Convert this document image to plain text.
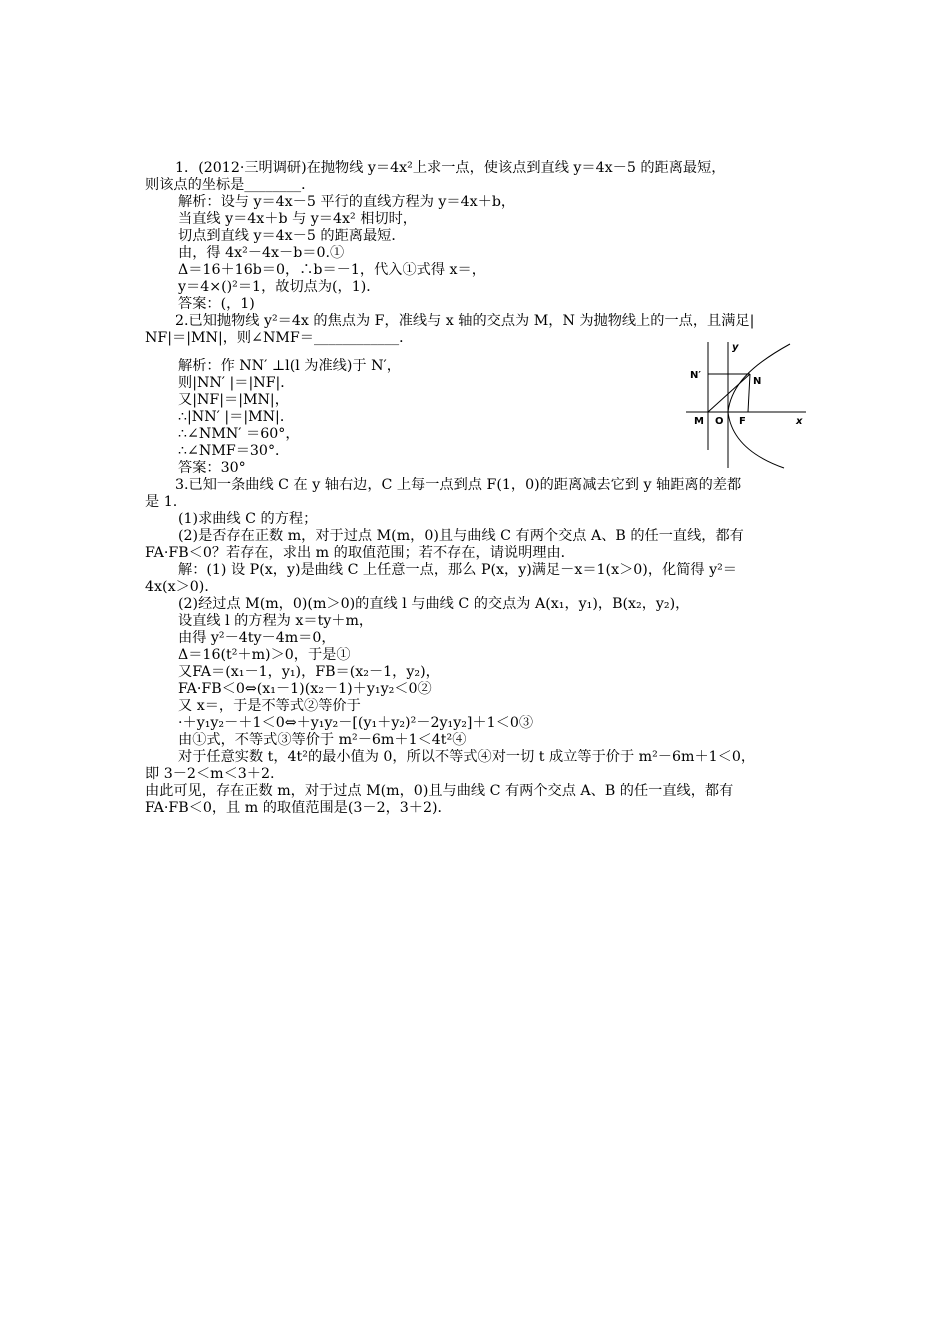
1．(2012·三明调研)在抛物线 y＝4x²上求一点，使该点到直线 y＝4x－5 的距离最短，
则该点的坐标是________．
解析：设与 y＝4x－5 平行的直线方程为 y＝4x＋b，
当直线 y＝4x＋b 与 y＝4x² 相切时，
切点到直线 y＝4x－5 的距离最短．
由，得 4x²－4x－b＝0.①
Δ＝16＋16b＝0，∴b＝－1，代入①式得 x＝，
y＝4×()²＝1，故切点为(，1)．
答案：(，1)
2.已知抛物线 y²＝4x 的焦点为 F，准线与 x 轴的交点为 M，N 为抛物线上的一点，且满足|
NF|＝|MN|，则∠NMF＝____________．
解析：作 NN′ ⊥l(l 为准线)于 N′，
则|NN′ |＝|NF|．
又|NF|＝|MN|，
∴|NN′ |＝|MN|．
∴∠NMN′ ＝60°，
∴∠NMF＝30°．
答案：30°
3.已知一条曲线 C 在 y 轴右边，C 上每一点到点 F(1，0)的距离减去它到 y 轴距离的差都
是 1.
(1)求曲线 C 的方程；
(2)是否存在正数 m，对于过点 M(m，0)且与曲线 C 有两个交点 A、B 的任一直线，都有
FA·FB＜0？若存在，求出 m 的取值范围；若不存在，请说明理由．
解：(1) 设 P(x，y)是曲线 C 上任意一点，那么 P(x，y)满足－x＝1(x＞0)，化简得 y²＝
4x(x＞0)．
(2)经过点 M(m，0)(m＞0)的直线 l 与曲线 C 的交点为 A(x₁，y₁)，B(x₂，y₂)，
设直线 l 的方程为 x＝ty＋m，
由得 y²－4ty－4m＝0，
Δ＝16(t²＋m)＞0，于是①
又FA＝(x₁－1，y₁)，FB＝(x₂－1，y₂)，
FA·FB＜0⇔(x₁－1)(x₂－1)＋y₁y₂＜0②
又 x＝，于是不等式②等价于
·＋y₁y₂－＋1＜0⇔＋y₁y₂－[(y₁＋y₂)²－2y₁y₂]＋1＜0③
由①式，不等式③等价于 m²－6m＋1＜4t²④
对于任意实数 t，4t²的最小值为 0，所以不等式④对一切 t 成立等于价于 m²－6m＋1＜0，
即 3－2＜m＜3＋2.
由此可见，存在正数 m，对于过点 M(m，0)且与曲线 C 有两个交点 A、B 的任一直线，都有
FA·FB＜0，且 m 的取值范围是(3－2，3＋2)．
y
x
N′
N
M O F
